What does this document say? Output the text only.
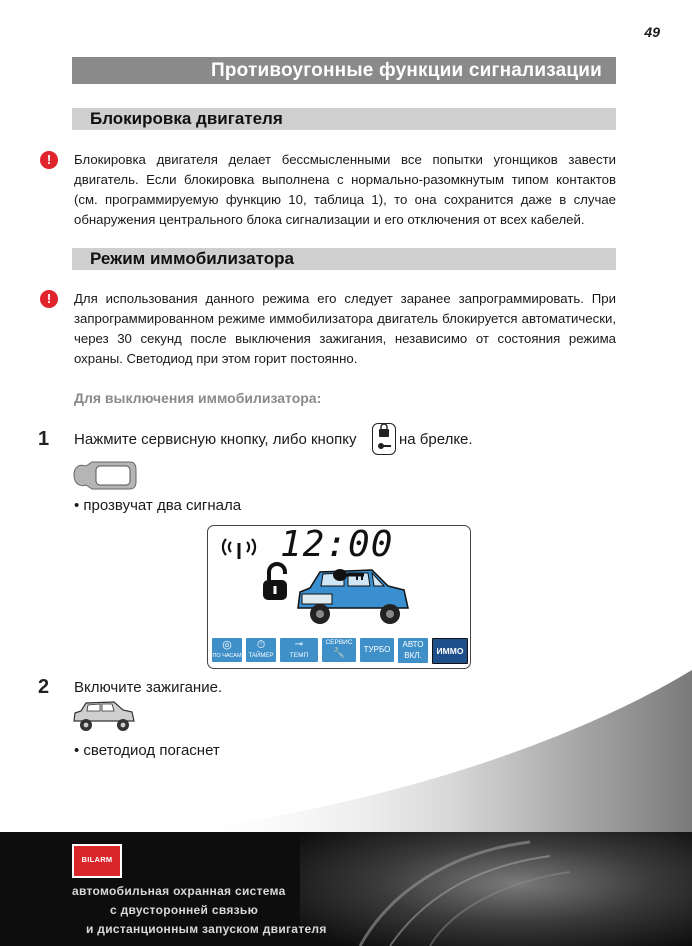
49
Противоугонные функции сигнализации
Блокировка двигателя
!	Блокировка двигателя делает бессмысленными все попытки угонщиков завести двигатель. Если блокировка выполнена с нормально-разомкнутым типом контактов (см. программируемую функцию 10, таблица 1), то она сохранится даже в случае обнаружения центрального блока сигнализации и его отключения от всех кабелей.
Режим иммобилизатора
!	Для использования данного режима его следует заранее запрограммировать. При запрограммированном режиме иммобилизатора двигатель блокируется автоматически, через 30 секунд после выключения зажигания, независимо от состояния режима охраны. Светодиод при этом горит постоянно.
Для выключения иммобилизатора:
1 Нажмите сервисную кнопку, либо кнопку	на брелке.
• прозвучат два сигнала
12:00
◎
ПО ЧАСАМ
⏱
ТАЙМЕР
⊸
ТЕМП
СЕРВИС
🔧	ТУРБО
АВТО ВКЛ.	ИММО
2 Включите зажигание.
• светодиод погаснет
BILARM
автомобильная охранная система
с двусторонней связью
и дистанционным запуском двигателя
